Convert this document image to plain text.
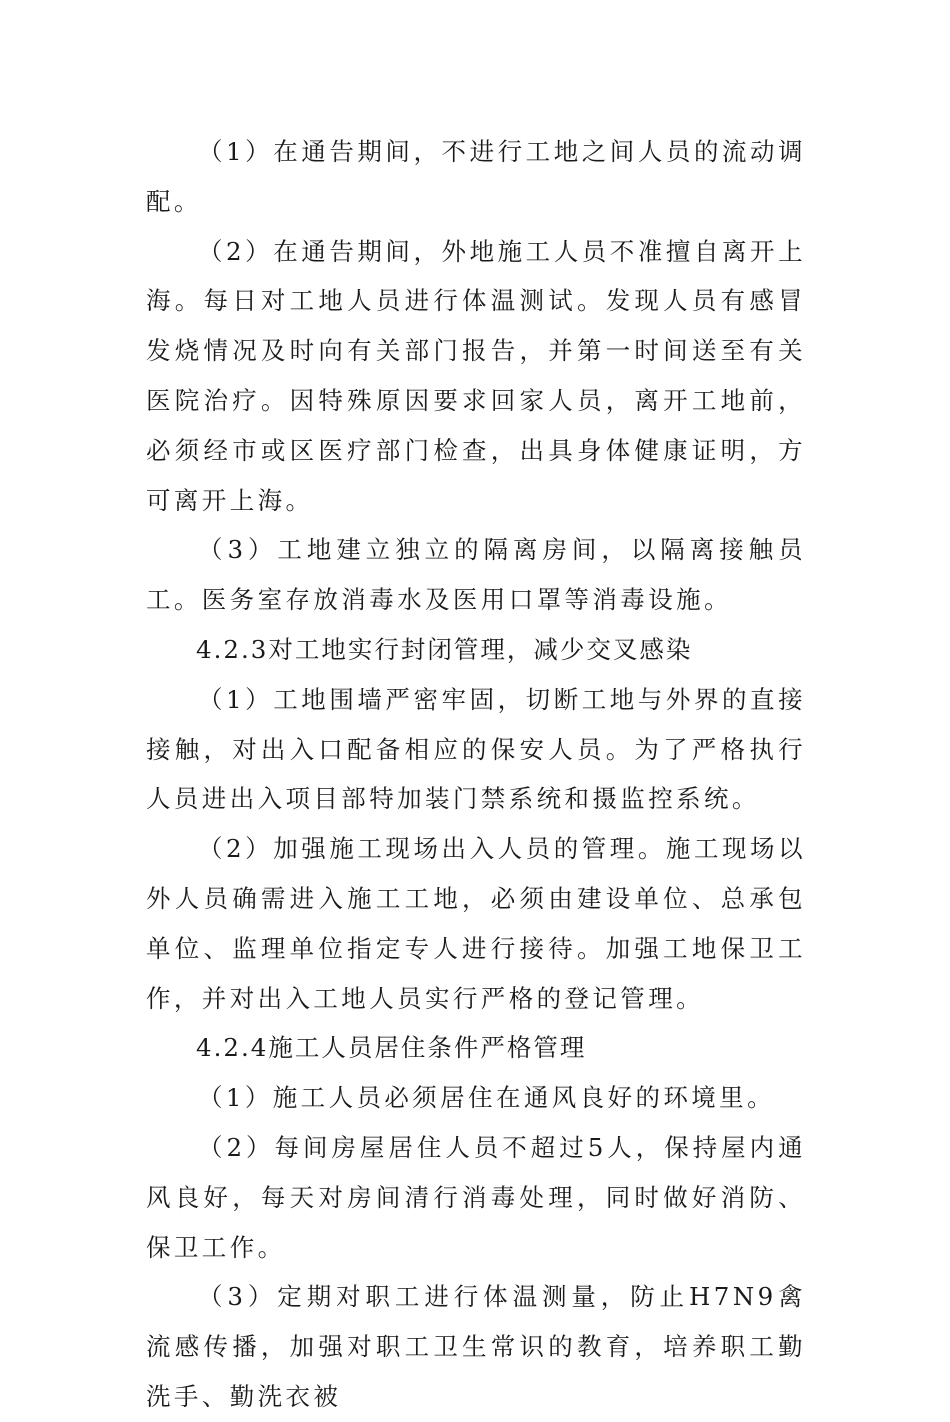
（1）在通告期间，不进行工地之间人员的流动调配。

（2）在通告期间，外地施工人员不准擅自离开上海。每日对工地人员进行体温测试。发现人员有感冒发烧情况及时向有关部门报告，并第一时间送至有关医院治疗。因特殊原因要求回家人员，离开工地前，必须经市或区医疗部门检查，出具身体健康证明，方可离开上海。

（3）工地建立独立的隔离房间，以隔离接触员工。医务室存放消毒水及医用口罩等消毒设施。

4.2.3对工地实行封闭管理，减少交叉感染

（1）工地围墙严密牢固，切断工地与外界的直接接触，对出入口配备相应的保安人员。为了严格执行人员进出入项目部特加装门禁系统和摄监控系统。

（2）加强施工现场出入人员的管理。施工现场以外人员确需进入施工工地，必须由建设单位、总承包单位、监理单位指定专人进行接待。加强工地保卫工作，并对出入工地人员实行严格的登记管理。

4.2.4施工人员居住条件严格管理

（1）施工人员必须居住在通风良好的环境里。

（2）每间房屋居住人员不超过5人，保持屋内通风良好，每天对房间清行消毒处理，同时做好消防、保卫工作。

（3）定期对职工进行体温测量，防止H7N9禽流感传播，加强对职工卫生常识的教育，培养职工勤洗手、勤洗衣被
